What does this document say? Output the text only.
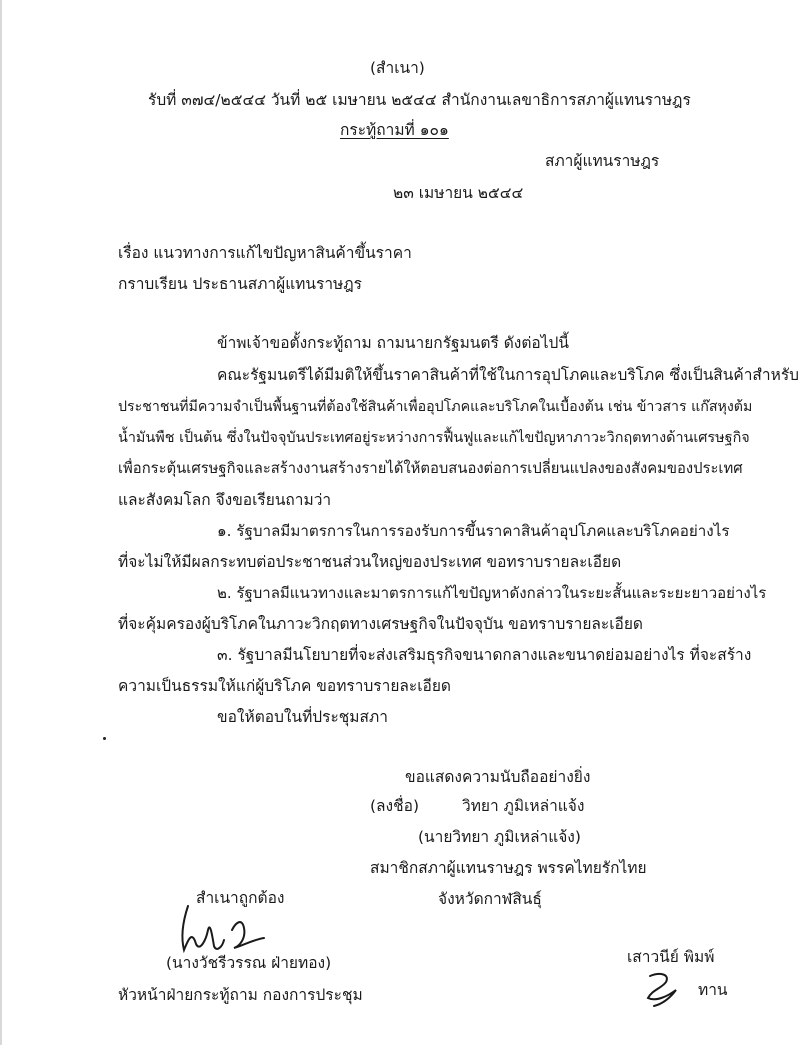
(สำเนา)
รับที่ ๓๗๔/๒๕๔๔ วันที่ ๒๕ เมษายน ๒๕๔๔ สำนักงานเลขาธิการสภาผู้แทนราษฎร
กระทู้ถามที่ ๑๐๑
สภาผู้แทนราษฎร
๒๓ เมษายน ๒๕๔๔
เรื่อง แนวทางการแก้ไขปัญหาสินค้าขึ้นราคา
กราบเรียน ประธานสภาผู้แทนราษฎร
ข้าพเจ้าขอตั้งกระทู้ถาม ถามนายกรัฐมนตรี ดังต่อไปนี้
คณะรัฐมนตรีได้มีมติให้ขึ้นราคาสินค้าที่ใช้ในการอุปโภคและบริโภค ซึ่งเป็นสินค้าสำหรับ
ประชาชนที่มีความจำเป็นพื้นฐานที่ต้องใช้สินค้าเพื่ออุปโภคและบริโภคในเบื้องต้น เช่น ข้าวสาร แก๊สหุงต้ม
น้ำมันพืช เป็นต้น ซึ่งในปัจจุบันประเทศอยู่ระหว่างการฟื้นฟูและแก้ไขปัญหาภาวะวิกฤตทางด้านเศรษฐกิจ
เพื่อกระตุ้นเศรษฐกิจและสร้างงานสร้างรายได้ให้ตอบสนองต่อการเปลี่ยนแปลงของสังคมของประเทศ
และสังคมโลก จึงขอเรียนถามว่า
๑. รัฐบาลมีมาตรการในการรองรับการขึ้นราคาสินค้าอุปโภคและบริโภคอย่างไร
ที่จะไม่ให้มีผลกระทบต่อประชาชนส่วนใหญ่ของประเทศ ขอทราบรายละเอียด
๒. รัฐบาลมีแนวทางและมาตรการแก้ไขปัญหาดังกล่าวในระยะสั้นและระยะยาวอย่างไร
ที่จะคุ้มครองผู้บริโภคในภาวะวิกฤตทางเศรษฐกิจในปัจจุบัน ขอทราบรายละเอียด
๓. รัฐบาลมีนโยบายที่จะส่งเสริมธุรกิจขนาดกลางและขนาดย่อมอย่างไร ที่จะสร้าง
ความเป็นธรรมให้แก่ผู้บริโภค ขอทราบรายละเอียด
ขอให้ตอบในที่ประชุมสภา
ขอแสดงความนับถืออย่างยิ่ง
(ลงชื่อ)	วิทยา ภูมิเหล่าแจ้ง
(นายวิทยา ภูมิเหล่าแจ้ง)
สมาชิกสภาผู้แทนราษฎร พรรคไทยรักไทย
จังหวัดกาฬสินธุ์
สำเนาถูกต้อง
(นางวัชรีวรรณ ฝ่ายทอง)
หัวหน้าฝ่ายกระทู้ถาม กองการประชุม
เสาวนีย์ พิมพ์
ทาน
